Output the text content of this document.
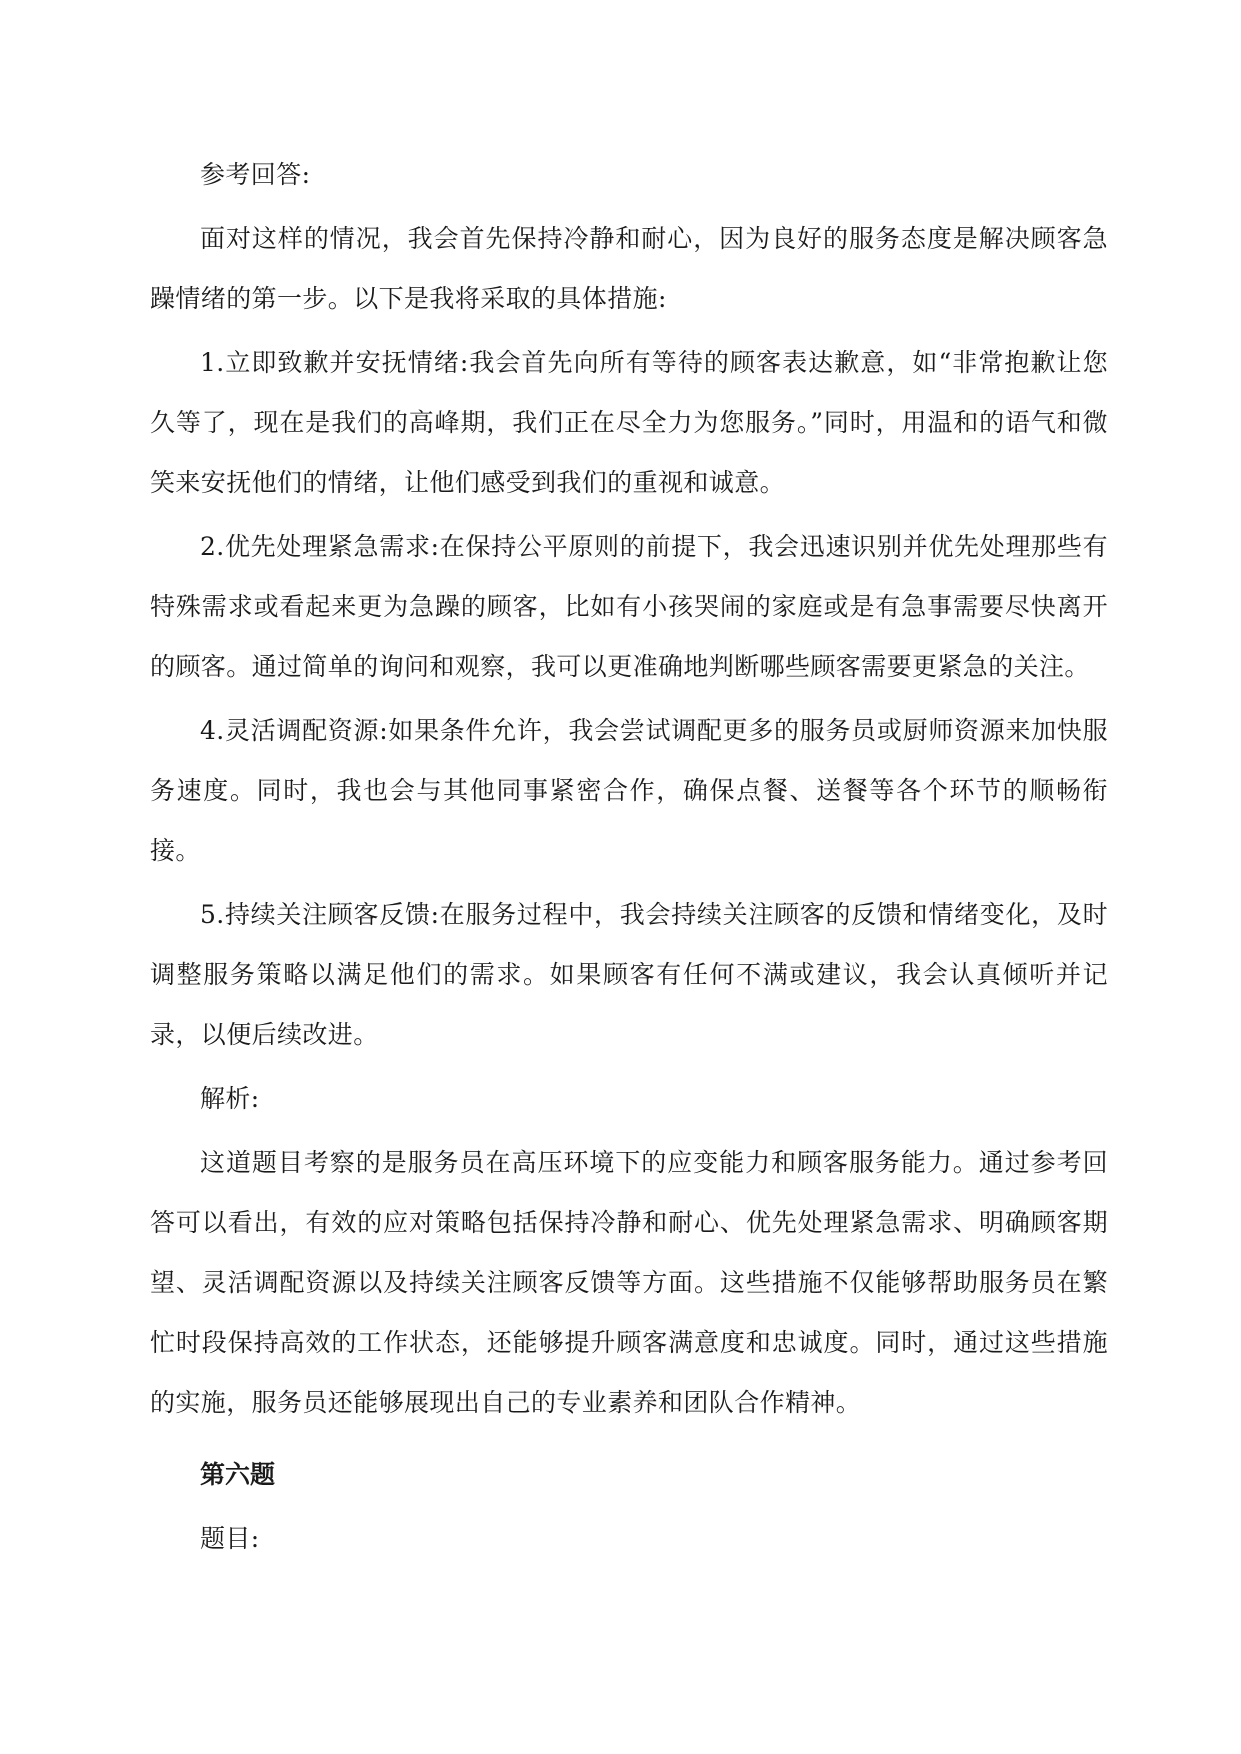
参考回答:

面对这样的情况，我会首先保持冷静和耐心，因为良好的服务态度是解决顾客急躁情绪的第一步。以下是我将采取的具体措施:

1.立即致歉并安抚情绪:我会首先向所有等待的顾客表达歉意，如“非常抱歉让您久等了，现在是我们的高峰期，我们正在尽全力为您服务。”同时，用温和的语气和微笑来安抚他们的情绪，让他们感受到我们的重视和诚意。

2.优先处理紧急需求:在保持公平原则的前提下，我会迅速识别并优先处理那些有特殊需求或看起来更为急躁的顾客，比如有小孩哭闹的家庭或是有急事需要尽快离开的顾客。通过简单的询问和观察，我可以更准确地判断哪些顾客需要更紧急的关注。

4.灵活调配资源:如果条件允许，我会尝试调配更多的服务员或厨师资源来加快服务速度。同时，我也会与其他同事紧密合作，确保点餐、送餐等各个环节的顺畅衔接。

5.持续关注顾客反馈:在服务过程中，我会持续关注顾客的反馈和情绪变化，及时调整服务策略以满足他们的需求。如果顾客有任何不满或建议，我会认真倾听并记录，以便后续改进。

解析:

这道题目考察的是服务员在高压环境下的应变能力和顾客服务能力。通过参考回答可以看出，有效的应对策略包括保持冷静和耐心、优先处理紧急需求、明确顾客期望、灵活调配资源以及持续关注顾客反馈等方面。这些措施不仅能够帮助服务员在繁忙时段保持高效的工作状态，还能够提升顾客满意度和忠诚度。同时，通过这些措施的实施，服务员还能够展现出自己的专业素养和团队合作精神。

第六题

题目:
